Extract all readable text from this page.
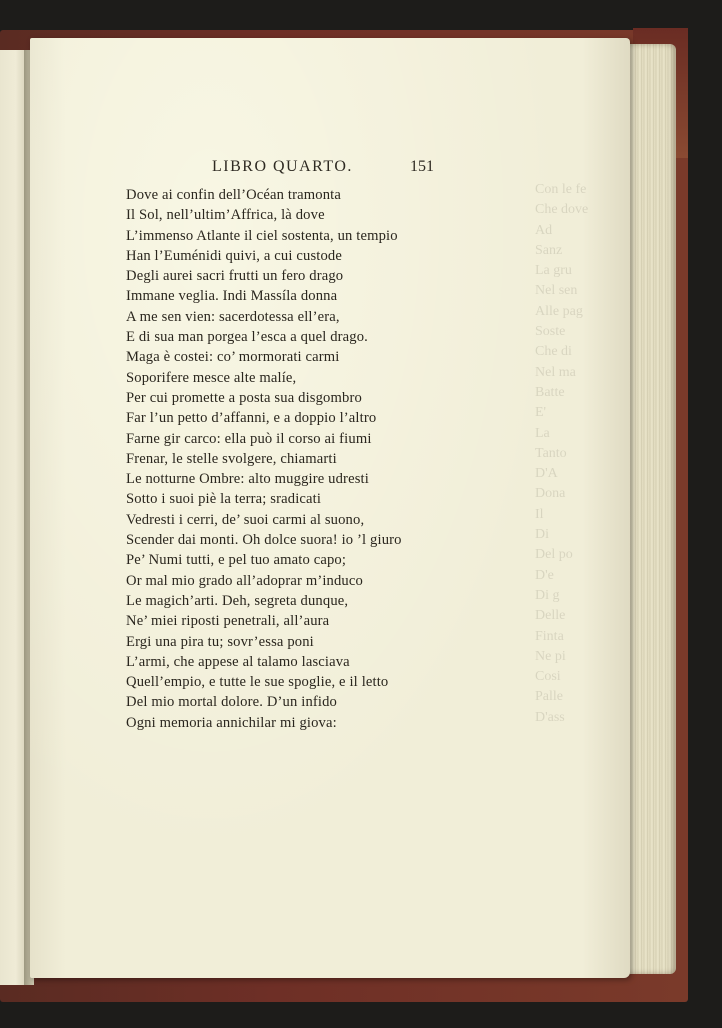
Con le fe
Che dove
Ad
Sanz
La gru
Nel sen
Alle pag
Soste
Che di
Nel ma
Batte
E'
La
Tanto
D'A
Dona
Il
Di
Del po
D'e
Di g
Delle
Finta
Ne pi
Cosi
Palle
D'ass
LIBRO QUARTO.	151
Dove ai confin dell’Océan tramonta
Il Sol, nell’ultim’Affrica, là dove
L’immenso Atlante il ciel sostenta, un tempio
Han l’Euménidi quivi, a cui custode
Degli aurei sacri frutti un fero drago
Immane veglia. Indi Massíla donna
A me sen vien: sacerdotessa ell’era,
E di sua man porgea l’esca a quel drago.
Maga è costei: co’ mormorati carmi
Soporifere mesce alte malíe,
Per cui promette a posta sua disgombro
Far l’un petto d’affanni, e a doppio l’altro
Farne gir carco: ella può il corso ai fiumi
Frenar, le stelle svolgere, chiamarti
Le notturne Ombre: alto muggire udresti
Sotto i suoi piè la terra; sradicati
Vedresti i cerri, de’ suoi carmi al suono,
Scender dai monti. Oh dolce suora! io ’l giuro
Pe’ Numi tutti, e pel tuo amato capo;
Or mal mio grado all’adoprar m’induco
Le magich’arti. Deh, segreta dunque,
Ne’ miei riposti penetrali, all’aura
Ergi una pira tu; sovr’essa poni
L’armi, che appese al talamo lasciava
Quell’empio, e tutte le sue spoglie, e il letto
Del mio mortal dolore. D’un infido
Ogni memoria annichilar mi giova:
